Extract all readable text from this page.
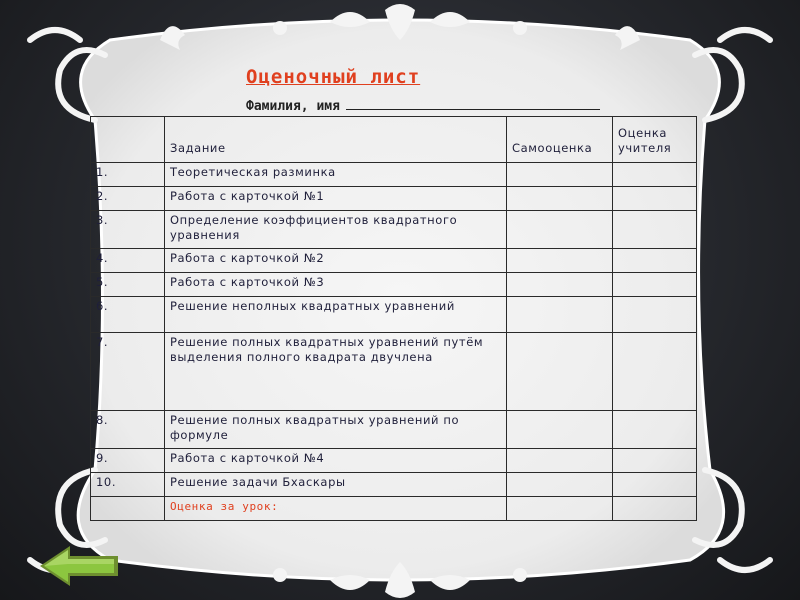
Оценочный лист
Фамилия, имя
	Задание	Самооценка	Оценка учителя
1.	Теоретическая разминка		
2.	Работа с карточкой №1		
3.	Определение коэффициентов квадратного уравнения		
4.	Работа с карточкой №2		
5.	Работа с карточкой №3		
6.	Решение неполных квадратных уравнений		
7.	Решение полных квадратных уравнений путём выделения полного квадрата двучлена		
8.	Решение полных квадратных уравнений по формуле		
9.	Работа с карточкой №4		
10.	Решение задачи Бхаскары		
	Оценка за урок:		
